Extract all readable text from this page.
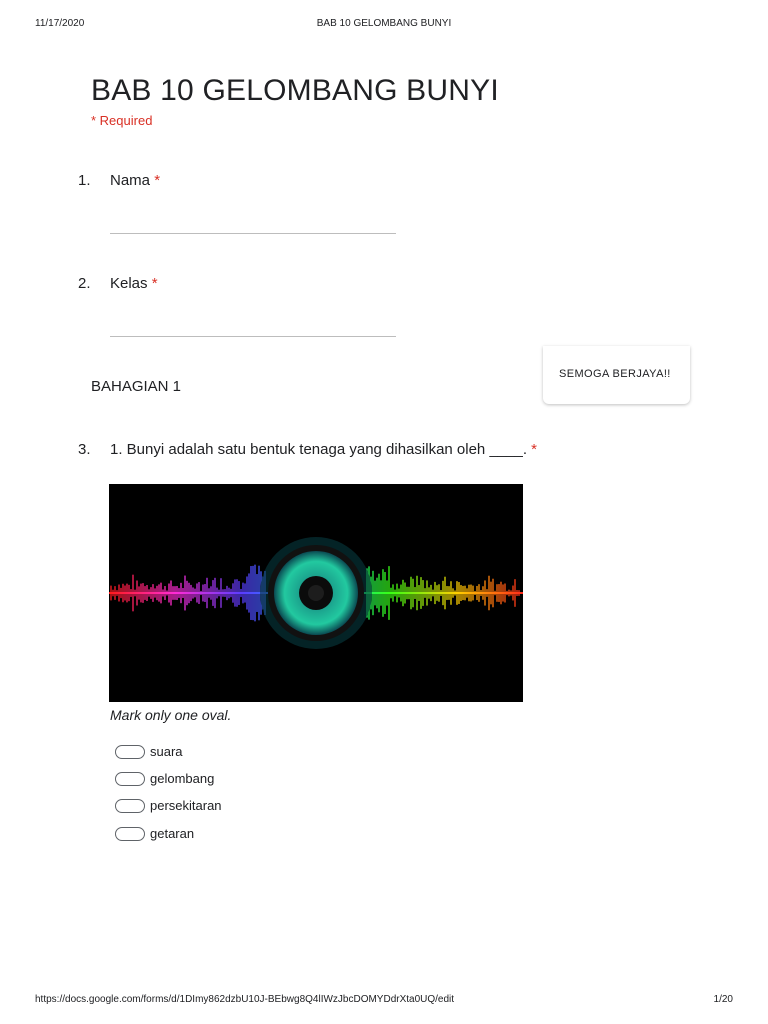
11/17/2020	BAB 10 GELOMBANG BUNYI
BAB 10 GELOMBANG BUNYI
* Required
1. Nama *
2. Kelas *
BAHAGIAN 1
SEMOGA BERJAYA!!
3. 1. Bunyi adalah satu bentuk tenaga yang dihasilkan oleh ____. *
Mark only one oval.
suara
gelombang
persekitaran
getaran
https://docs.google.com/forms/d/1DImy862dzbU10J-BEbwg8Q4lIWzJbcDOMYDdrXta0UQ/edit	1/20
